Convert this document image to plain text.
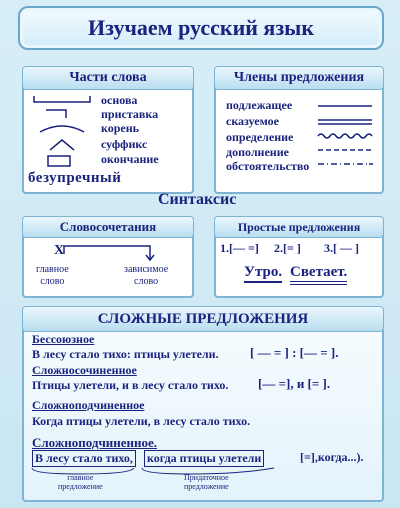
Изучаем русский язык
Части слова
основа
приставка
корень
суффикс
окончание
безупречный
Члены предложения
подлежащее
сказуемое
определение
дополнение
обстоятельство
Синтаксис
Словосочетания
X
главное
слово
зависимое
слово
Простые предложения
1.[— =] 2.[= ] 3.[ — ]
Утро. Светает.
СЛОЖНЫЕ ПРЕДЛОЖЕНИЯ
Бессоюзное
В лесу стало тихо: птицы улетели. [ — = ] : [— = ].
Сложносочиненное
Птицы улетели, и в лесу стало тихо. [— =], и [= ].
Сложноподчиненное
Когда птицы улетели, в лесу стало тихо.
Сложноподчиненное.
В лесу стало тихо, когда птицы улетели	[=],когда...).
главное
предложение
Придаточное
предложение
